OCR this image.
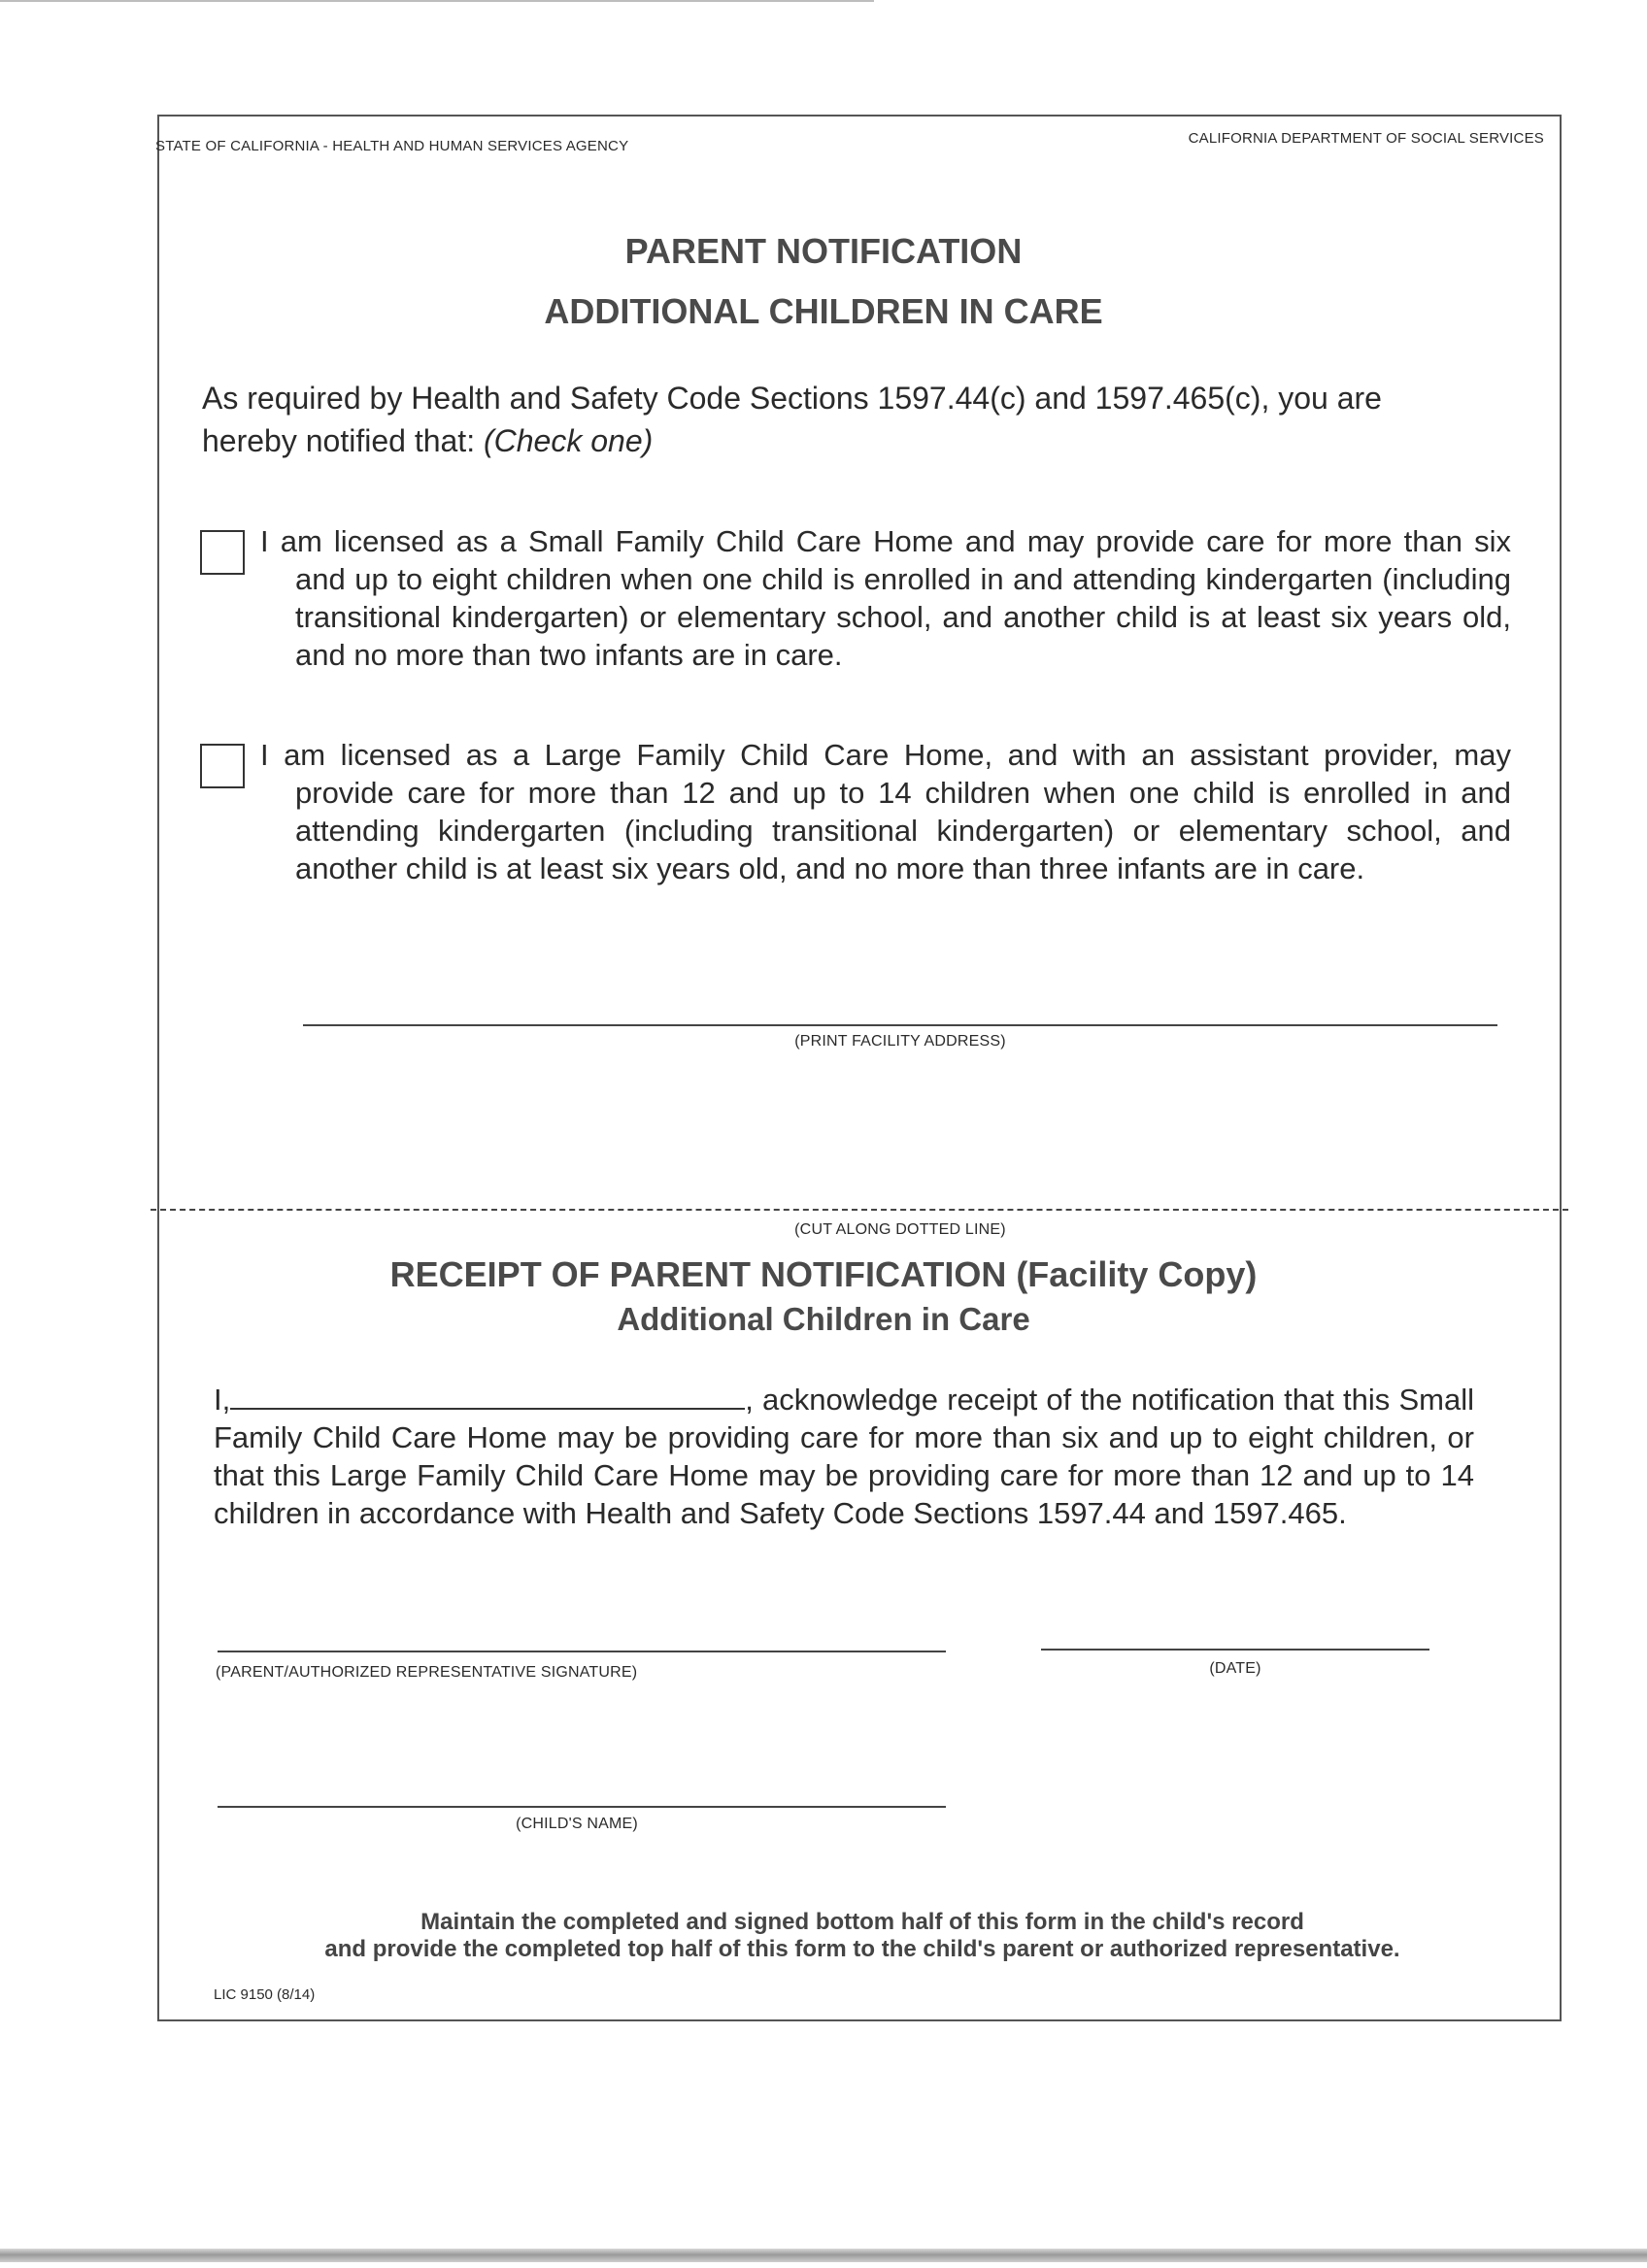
STATE OF CALIFORNIA - HEALTH AND HUMAN SERVICES AGENCY	CALIFORNIA DEPARTMENT OF SOCIAL SERVICES
PARENT NOTIFICATION
ADDITIONAL CHILDREN IN CARE
As required by Health and Safety Code Sections 1597.44(c) and 1597.465(c), you are hereby notified that: (Check one)
I am licensed as a Small Family Child Care Home and may provide care for more than six and up to eight children when one child is enrolled in and attending kindergarten (including transitional kindergarten) or elementary school, and another child is at least six years old, and no more than two infants are in care.
I am licensed as a Large Family Child Care Home, and with an assistant provider, may provide care for more than 12 and up to 14 children when one child is enrolled in and attending kindergarten (including transitional kindergarten) or elementary school, and another child is at least six years old, and no more than three infants are in care.
(PRINT FACILITY ADDRESS)
(CUT ALONG DOTTED LINE)
RECEIPT OF PARENT NOTIFICATION (Facility Copy)
Additional Children in Care
I,	, acknowledge receipt of the notification that this Small Family Child Care Home may be providing care for more than six and up to eight children, or that this Large Family Child Care Home may be providing care for more than 12 and up to 14 children in accordance with Health and Safety Code Sections 1597.44 and 1597.465.
(PARENT/AUTHORIZED REPRESENTATIVE SIGNATURE)	(DATE)
(CHILD'S NAME)
Maintain the completed and signed bottom half of this form in the child's record
and provide the completed top half of this form to the child's parent or authorized representative.
LIC 9150 (8/14)
